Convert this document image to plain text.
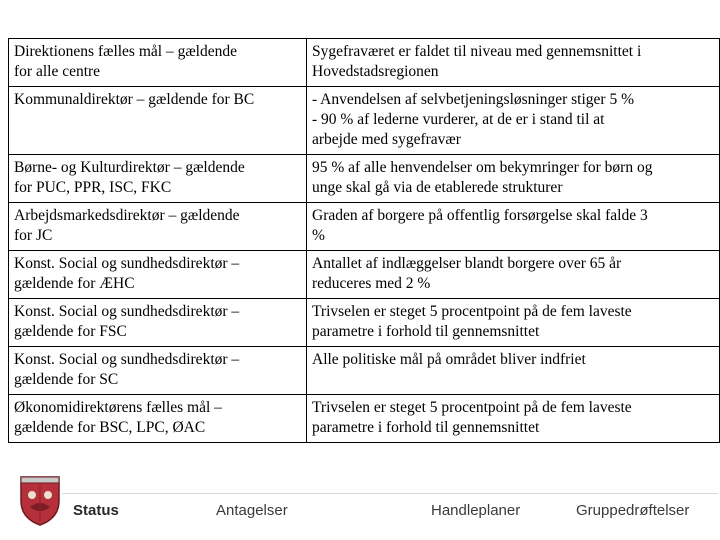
Direktionens fælles mål – gældende
for alle centre	Sygefraværet er faldet til niveau med gennemsnittet i
Hovedstadsregionen

Kommunaldirektør – gældende for BC	- Anvendelsen af selvbetjeningsløsninger stiger 5 %
- 90 % af lederne vurderer, at de er i stand til at
arbejde med sygefravær

Børne- og Kulturdirektør – gældende
for PUC, PPR, ISC, FKC	95 % af alle henvendelser om bekymringer for børn og
unge skal gå via de etablerede strukturer

Arbejdsmarkedsdirektør – gældende
for JC	Graden af borgere på offentlig forsørgelse skal falde 3
%

Konst. Social og sundhedsdirektør –
gældende for ÆHC	Antallet af indlæggelser blandt borgere over 65 år
reduceres med 2 %

Konst. Social og sundhedsdirektør –
gældende for FSC	Trivselen er steget 5 procentpoint på de fem laveste
parametre i forhold til gennemsnittet

Konst. Social og sundhedsdirektør –
gældende for SC	Alle politiske mål på området bliver indfriet

Økonomidirektørens fælles mål –
gældende for BSC, LPC, ØAC	Trivselen er steget 5 procentpoint på de fem laveste
parametre i forhold til gennemsnittet
Status	Antagelser	Handleplaner	Gruppedrøftelser
